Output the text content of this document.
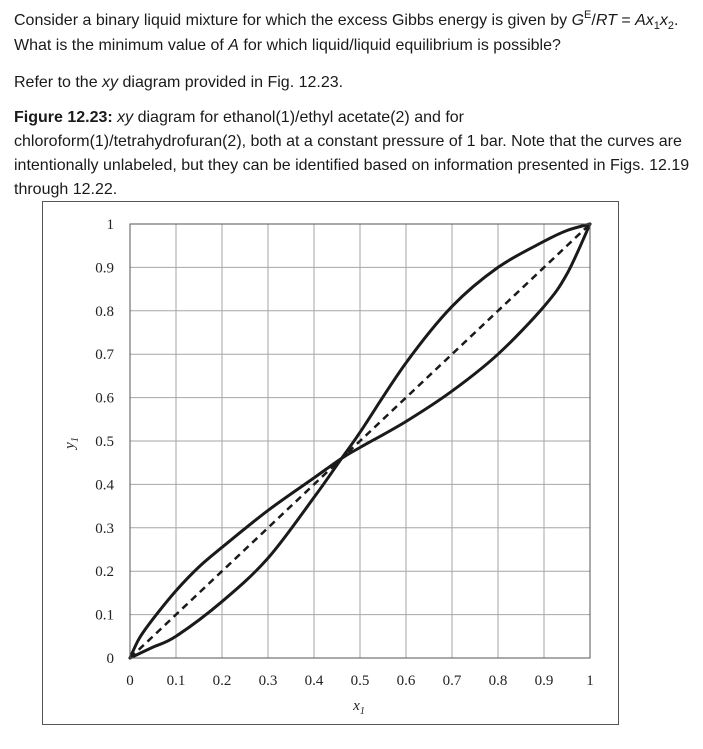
Consider a binary liquid mixture for which the excess Gibbs energy is given by $G^E/RT = Ax_1x_2$.
What is the minimum value of A for which liquid/liquid equilibrium is possible?
Refer to the xy diagram provided in Fig. 12.23.
Figure 12.23: xy diagram for ethanol(1)/ethyl acetate(2) and for chloroform(1)/tetrahydrofuran(2), both at a constant pressure of 1 bar. Note that the curves are intentionally unlabeled, but they can be identified based on information presented in Figs. 12.19 through 12.22.
0 0.1 0.2 0.3 0.4 0.5 0.6 0.7 0.8 0.9 1
0
0.1
0.2
0.3
0.4
0.5
0.6
0.7
0.8
0.9
1
$x_1$
$y_1$
